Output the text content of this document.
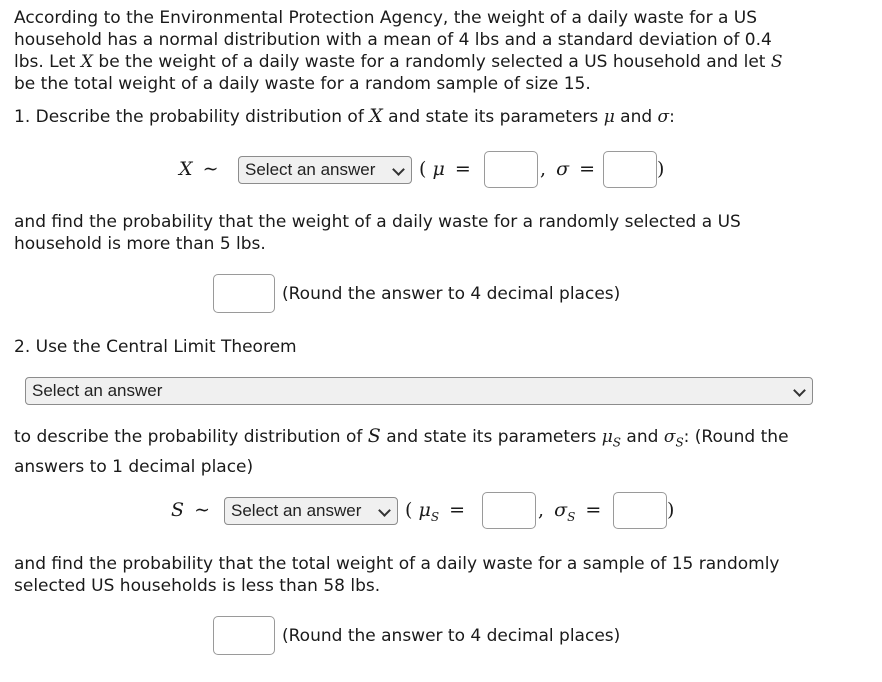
According to the Environmental Protection Agency, the weight of a daily waste for a US
household has a normal distribution with a mean of 4 lbs and a standard deviation of 0.4
lbs. Let X be the weight of a daily waste for a randomly selected a US household and let S
be the total weight of a daily waste for a random sample of size 15.
1. Describe the probability distribution of X and state its parameters μ and σ:
X ∼	Select an answer	( μ =	, σ =	)
and find the probability that the weight of a daily waste for a randomly selected a US
household is more than 5 lbs.
(Round the answer to 4 decimal places)
2. Use the Central Limit Theorem
Select an answer
to describe the probability distribution of S and state its parameters $\mu_S$ and $\sigma_S$: (Round the
answers to 1 decimal place)
S ∼	Select an answer	( $\mu_S$ =	, $\sigma_S$ =	)
and find the probability that the total weight of a daily waste for a sample of 15 randomly
selected US households is less than 58 lbs.
(Round the answer to 4 decimal places)
